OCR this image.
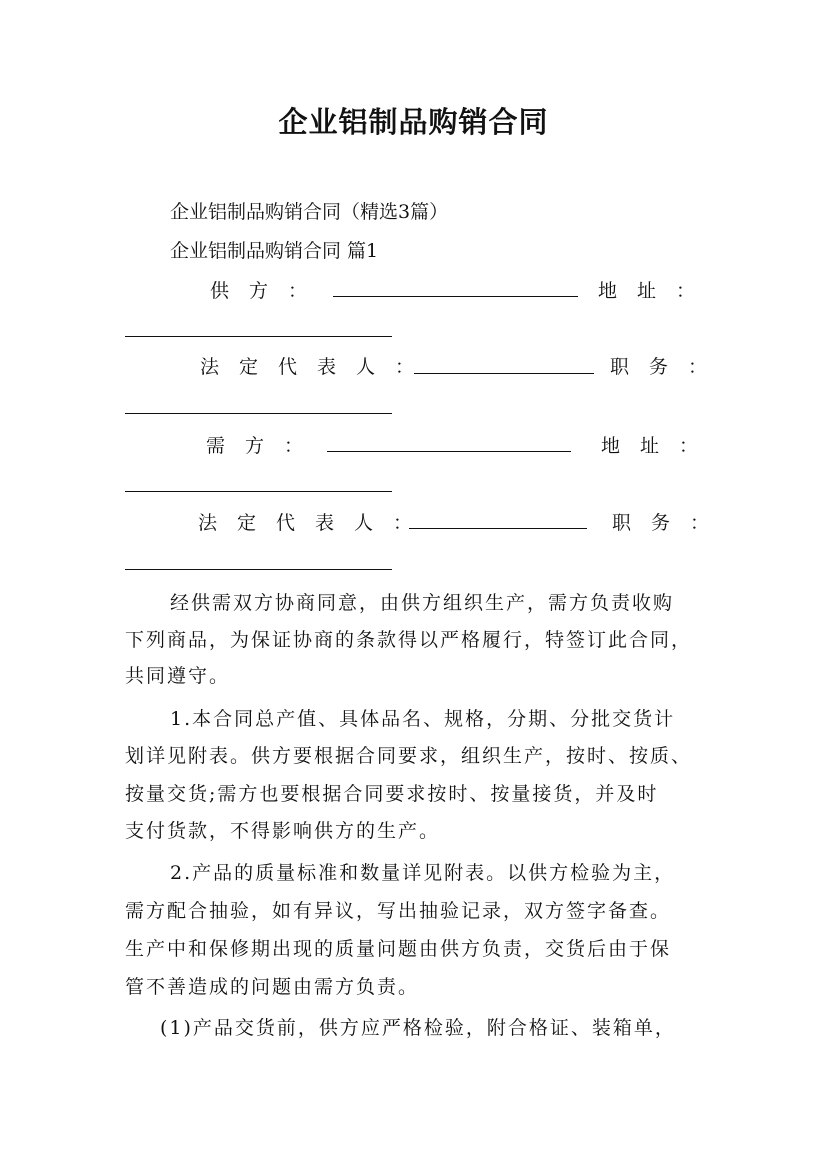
企业铝制品购销合同
企业铝制品购销合同（精选3篇）
企业铝制品购销合同 篇1
供方：	地址：
法定代表人：	职务：
需方：	地址：
法定代表人：	职务：
经供需双方协商同意，由供方组织生产，需方负责收购
下列商品，为保证协商的条款得以严格履行，特签订此合同，
共同遵守。
1.本合同总产值、具体品名、规格，分期、分批交货计
划详见附表。供方要根据合同要求，组织生产，按时、按质、
按量交货;需方也要根据合同要求按时、按量接货，并及时
支付货款，不得影响供方的生产。
2.产品的质量标准和数量详见附表。以供方检验为主，
需方配合抽验，如有异议，写出抽验记录，双方签字备查。
生产中和保修期出现的质量问题由供方负责，交货后由于保
管不善造成的问题由需方负责。
(1)产品交货前，供方应严格检验，附合格证、装箱单，
